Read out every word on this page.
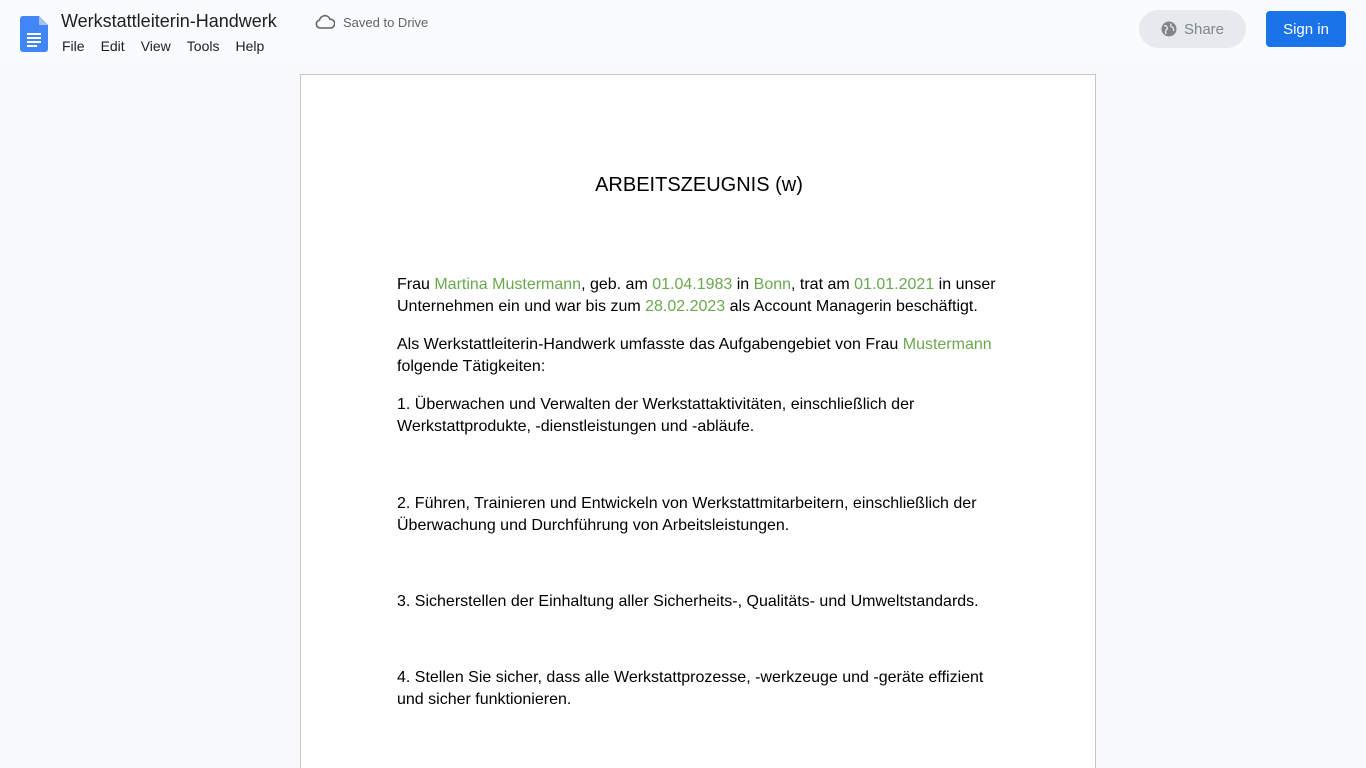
Werkstattleiterin-Handwerk	Saved to Drive
File	Edit	View	Tools	Help
Share	Sign in
ARBEITSZEUGNIS (w)
Frau Martina Mustermann, geb. am 01.04.1983 in Bonn, trat am 01.01.2021 in unser Unternehmen ein und war bis zum 28.02.2023 als Account Managerin beschäftigt.
Als Werkstattleiterin-Handwerk umfasste das Aufgabengebiet von Frau Mustermann folgende Tätigkeiten:
1. Überwachen und Verwalten der Werkstattaktivitäten, einschließlich der Werkstattprodukte, -dienstleistungen und -abläufe.
2. Führen, Trainieren und Entwickeln von Werkstattmitarbeitern, einschließlich der Überwachung und Durchführung von Arbeitsleistungen.
3. Sicherstellen der Einhaltung aller Sicherheits-, Qualitäts- und Umweltstandards.
4. Stellen Sie sicher, dass alle Werkstattprozesse, -werkzeuge und -geräte effizient und sicher funktionieren.
